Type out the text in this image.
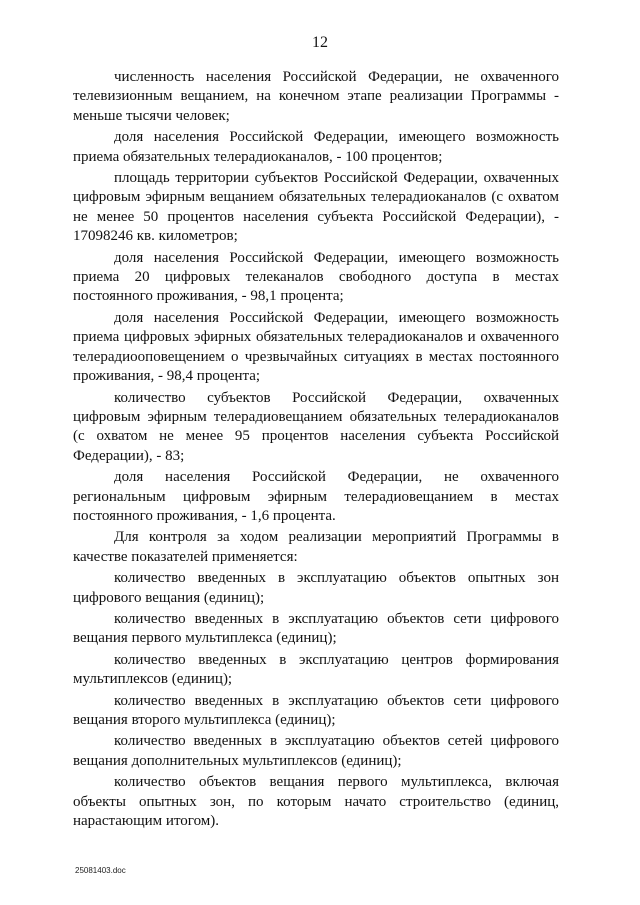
12

численность населения Российской Федерации, не охваченного телевизионным вещанием, на конечном этапе реализации Программы - меньше тысячи человек;

доля населения Российской Федерации, имеющего возможность приема обязательных телерадиоканалов, - 100 процентов;

площадь территории субъектов Российской Федерации, охваченных цифровым эфирным вещанием обязательных телерадиоканалов (с охватом не менее 50 процентов населения субъекта Российской Федерации), - 17098246 кв. километров;

доля населения Российской Федерации, имеющего возможность приема 20 цифровых телеканалов свободного доступа в местах постоянного проживания, - 98,1 процента;

доля населения Российской Федерации, имеющего возможность приема цифровых эфирных обязательных телерадиоканалов и охваченного телерадиооповещением о чрезвычайных ситуациях в местах постоянного проживания, - 98,4 процента;

количество субъектов Российской Федерации, охваченных цифровым эфирным телерадиовещанием обязательных телерадиоканалов (с охватом не менее 95 процентов населения субъекта Российской Федерации), - 83;

доля населения Российской Федерации, не охваченного региональным цифровым эфирным телерадиовещанием в местах постоянного проживания, - 1,6 процента.

Для контроля за ходом реализации мероприятий Программы в качестве показателей применяется:

количество введенных в эксплуатацию объектов опытных зон цифрового вещания (единиц);

количество введенных в эксплуатацию объектов сети цифрового вещания первого мультиплекса (единиц);

количество введенных в эксплуатацию центров формирования мультиплексов (единиц);

количество введенных в эксплуатацию объектов сети цифрового вещания второго мультиплекса (единиц);

количество введенных в эксплуатацию объектов сетей цифрового вещания дополнительных мультиплексов (единиц);

количество объектов вещания первого мультиплекса, включая объекты опытных зон, по которым начато строительство (единиц, нарастающим итогом).

25081403.doc
